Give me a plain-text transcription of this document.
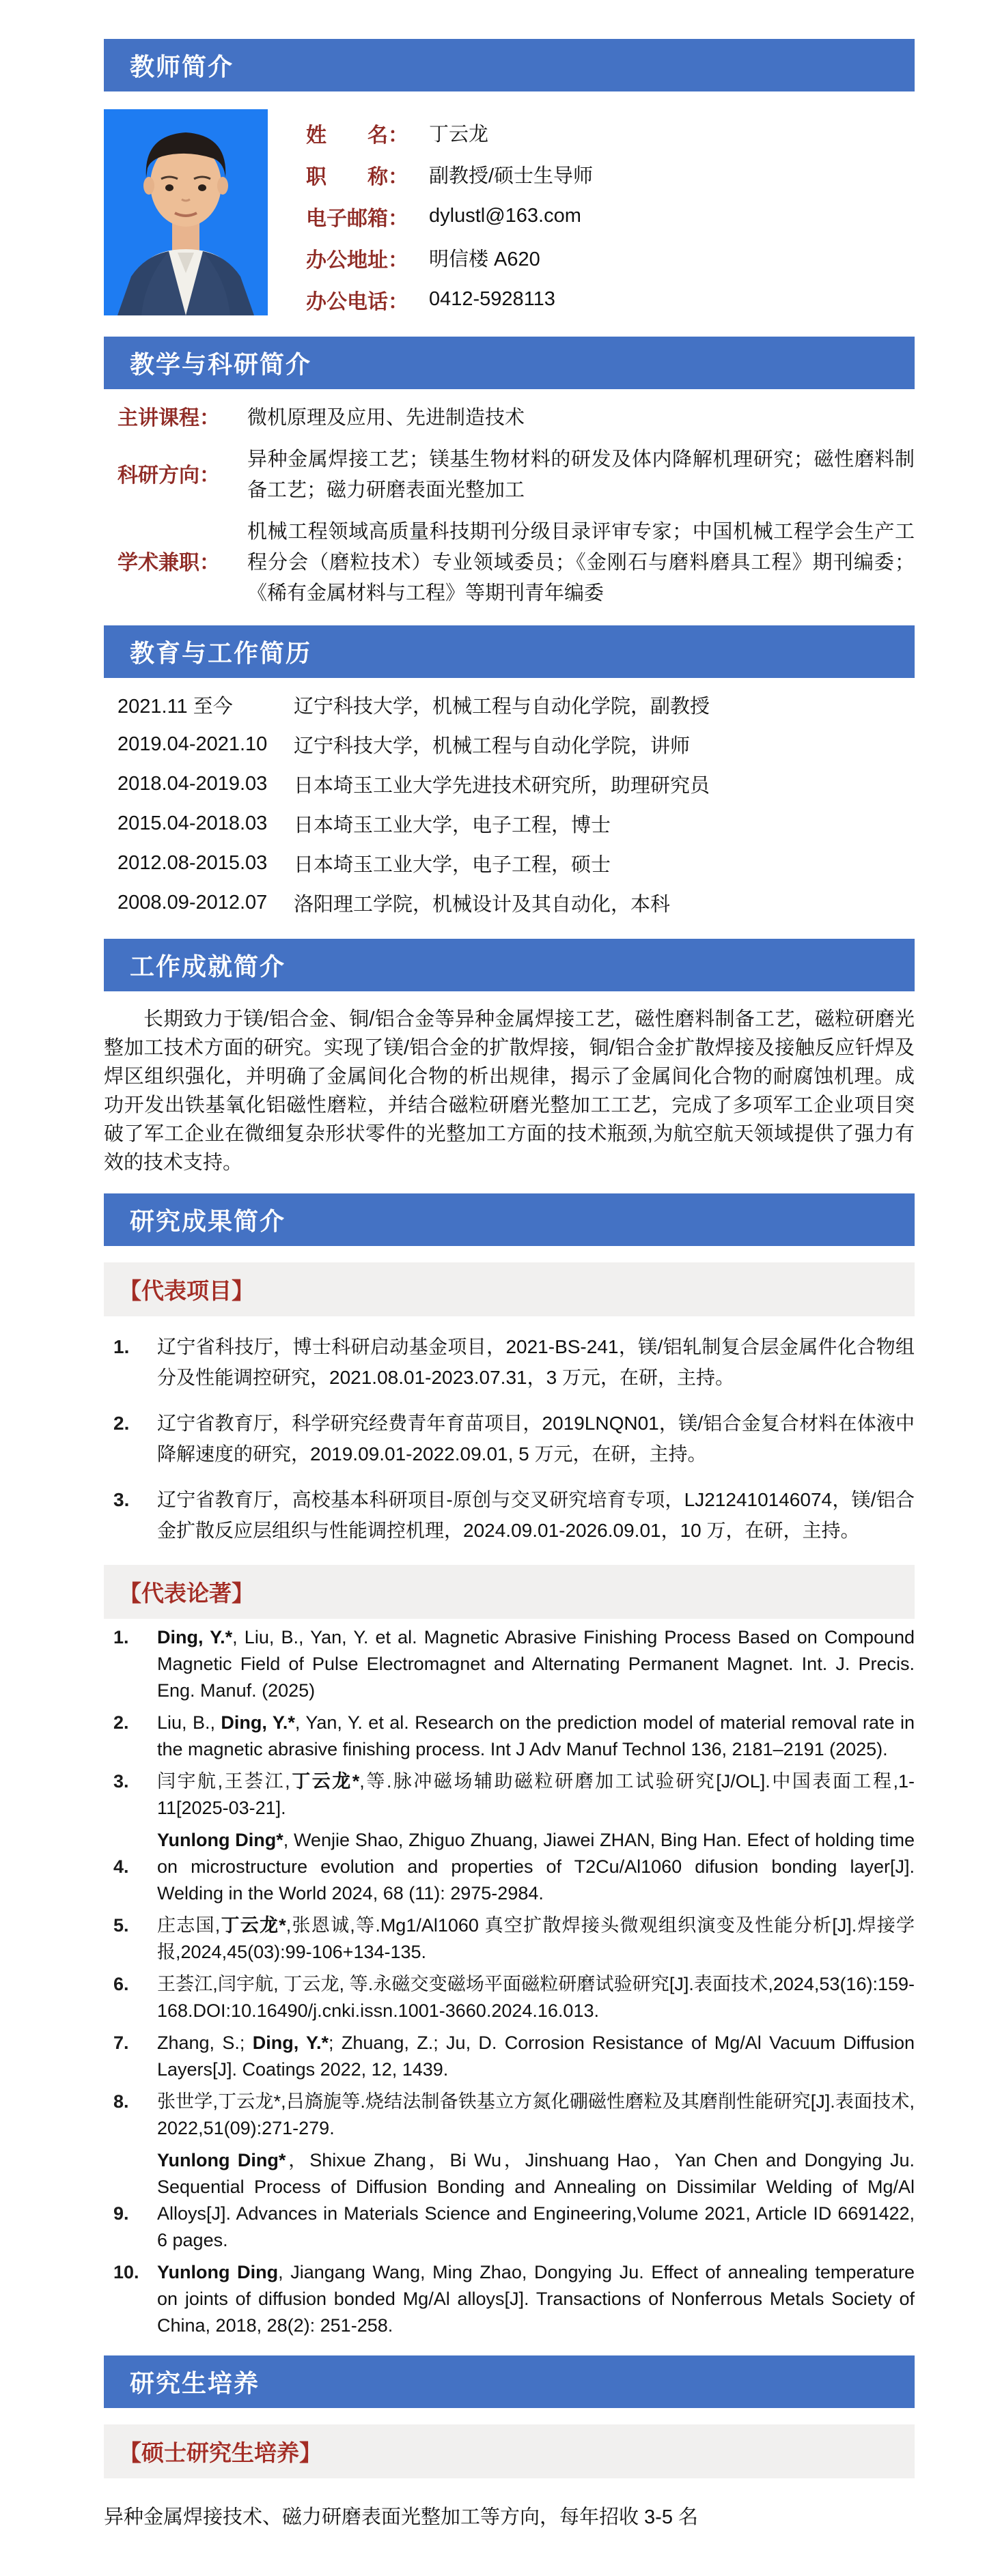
教师简介
姓　　名： 丁云龙
职　　称： 副教授/硕士生导师
电子邮箱： dylustl@163.com
办公地址： 明信楼 A620
办公电话： 0412-5928113
教学与科研简介
主讲课程：	微机原理及应用、先进制造技术
科研方向：
异种金属焊接工艺；镁基生物材料的研发及体内降解机理研究；磁性磨料制备工艺；磁力研磨表面光整加工
学术兼职：
机械工程领域高质量科技期刊分级目录评审专家；中国机械工程学会生产工程分会（磨粒技术）专业领域委员；《金刚石与磨料磨具工程》期刊编委；《稀有金属材料与工程》等期刊青年编委
教育与工作简历
2021.11 至今	辽宁科技大学，机械工程与自动化学院，副教授
2019.04-2021.10	辽宁科技大学，机械工程与自动化学院，讲师
2018.04-2019.03	日本埼玉工业大学先进技术研究所，助理研究员
2015.04-2018.03	日本埼玉工业大学，电子工程，博士
2012.08-2015.03	日本埼玉工业大学，电子工程，硕士
2008.09-2012.07	洛阳理工学院，机械设计及其自动化，本科
工作成就简介
长期致力于镁/铝合金、铜/铝合金等异种金属焊接工艺，磁性磨料制备工艺，磁粒研磨光整加工技术方面的研究。实现了镁/铝合金的扩散焊接，铜/铝合金扩散焊接及接触反应钎焊及焊区组织强化，并明确了金属间化合物的析出规律，揭示了金属间化合物的耐腐蚀机理。成功开发出铁基氧化铝磁性磨粒，并结合磁粒研磨光整加工工艺，完成了多项军工企业项目突破了军工企业在微细复杂形状零件的光整加工方面的技术瓶颈,为航空航天领域提供了强力有效的技术支持。
研究成果简介
【代表项目】
1.	辽宁省科技厅，博士科研启动基金项目，2021-BS-241，镁/铝轧制复合层金属件化合物组分及性能调控研究，2021.08.01-2023.07.31，3 万元，在研，主持。
2.	辽宁省教育厅，科学研究经费青年育苗项目，2019LNQN01，镁/铝合金复合材料在体液中降解速度的研究，2019.09.01-2022.09.01, 5 万元，在研，主持。
3.	辽宁省教育厅，高校基本科研项目-原创与交叉研究培育专项，LJ212410146074，镁/铝合金扩散反应层组织与性能调控机理，2024.09.01-2026.09.01，10 万，在研，主持。
【代表论著】
1.	Ding, Y.*, Liu, B., Yan, Y. et al. Magnetic Abrasive Finishing Process Based on Compound Magnetic Field of Pulse Electromagnet and Alternating Permanent Magnet. Int. J. Precis. Eng. Manuf. (2025)
2.	Liu, B., Ding, Y.*, Yan, Y. et al. Research on the prediction model of material removal rate in the magnetic abrasive finishing process. Int J Adv Manuf Technol 136, 2181–2191 (2025).
3.	闫宇航,王荟江,丁云龙*,等.脉冲磁场辅助磁粒研磨加工试验研究[J/OL].中国表面工程,1-11[2025-03-21].
4.
Yunlong Ding*, Wenjie Shao, Zhiguo Zhuang, Jiawei ZHAN, Bing Han. Efect of holding time on microstructure evolution and properties of T2Cu/Al1060 difusion bonding layer[J]. Welding in the World 2024, 68 (11): 2975-2984.
5.	庄志国,丁云龙*,张恩诚,等.Mg1/Al1060 真空扩散焊接头微观组织演变及性能分析[J].焊接学报,2024,45(03):99-106+134-135.
6.	王荟江,闫宇航, 丁云龙, 等.永磁交变磁场平面磁粒研磨试验研究[J].表面技术,2024,53(16):159-168.DOI:10.16490/j.cnki.issn.1001-3660.2024.16.013.
7.	Zhang, S.; Ding, Y.*; Zhuang, Z.; Ju, D. Corrosion Resistance of Mg/Al Vacuum Diffusion Layers[J]. Coatings 2022, 12, 1439.
8.	张世学,丁云龙*,吕旖旎等.烧结法制备铁基立方氮化硼磁性磨粒及其磨削性能研究[J].表面技术, 2022,51(09):271-279.
9.
Yunlong Ding*，Shixue Zhang，Bi Wu，Jinshuang Hao，Yan Chen and Dongying Ju. Sequential Process of Diffusion Bonding and Annealing on Dissimilar Welding of Mg/Al Alloys[J]. Advances in Materials Science and Engineering,Volume 2021, Article ID 6691422, 6 pages.
10. Yunlong Ding, Jiangang Wang, Ming Zhao, Dongying Ju. Effect of annealing temperature on joints of diffusion bonded Mg/Al alloys[J]. Transactions of Nonferrous Metals Society of China, 2018, 28(2): 251-258.
研究生培养
【硕士研究生培养】
异种金属焊接技术、磁力研磨表面光整加工等方向，每年招收 3-5 名
